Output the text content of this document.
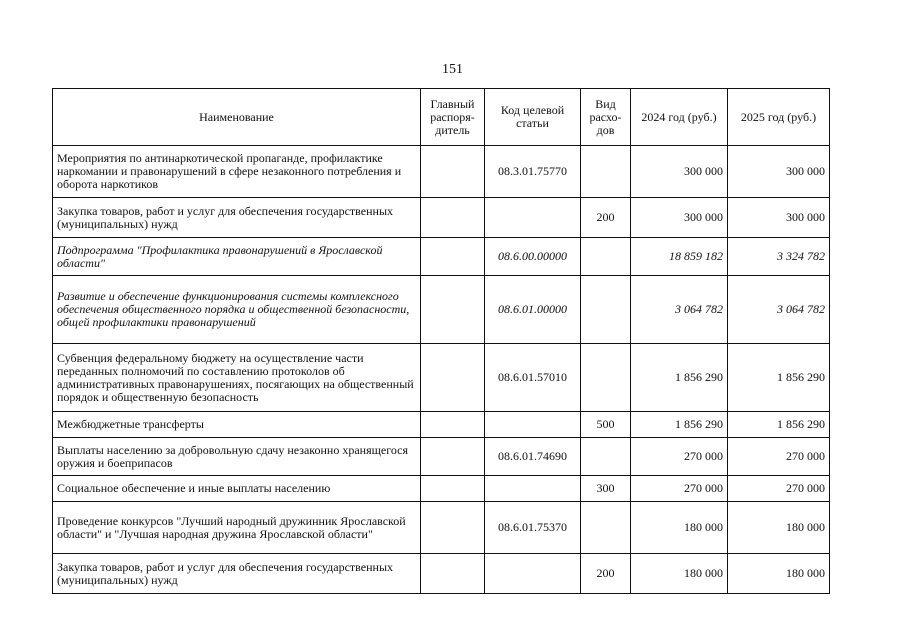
151
Наименование	Главный распоря-дитель	Код целевой статьи	Вид расхо-дов	2024 год (руб.)	2025 год (руб.)
Мероприятия по антинаркотической пропаганде, профилактике наркомании и правонарушений в сфере незаконного потребления и оборота наркотиков		08.3.01.75770		300 000	300 000
Закупка товаров, работ и услуг для обеспечения государственных (муниципальных) нужд			200	300 000	300 000
Подпрограмма "Профилактика правонарушений в Ярославской области"		08.6.00.00000		18 859 182	3 324 782
Развитие и обеспечение функционирования системы комплексного обеспечения общественного порядка и общественной безопасности, общей профилактики правонарушений		08.6.01.00000		3 064 782	3 064 782
Субвенция федеральному бюджету на осуществление части переданных полномочий по составлению протоколов об административных правонарушениях, посягающих на общественный порядок и общественную безопасность		08.6.01.57010		1 856 290	1 856 290
Межбюджетные трансферты			500	1 856 290	1 856 290
Выплаты населению за добровольную сдачу незаконно хранящегося оружия и боеприпасов		08.6.01.74690		270 000	270 000
Социальное обеспечение и иные выплаты населению			300	270 000	270 000
Проведение конкурсов "Лучший народный дружинник Ярославской области" и "Лучшая народная дружина Ярославской области"		08.6.01.75370		180 000	180 000
Закупка товаров, работ и услуг для обеспечения государственных (муниципальных) нужд			200	180 000	180 000
